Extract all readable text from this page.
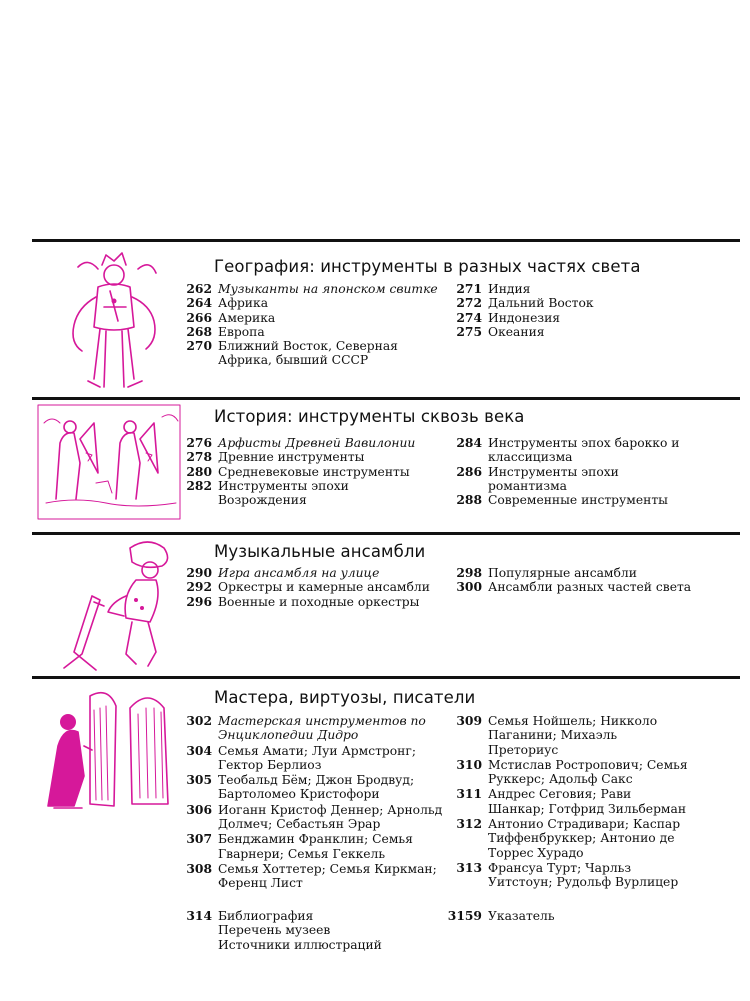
География: инструменты в разных частях света
262 Музыканты на японском свитке
264 Африка
266 Америка
268 Европа
270 Ближний Восток, Северная Африка, бывший СССР
271 Индия
272 Дальний Восток
274 Индонезия
275 Океания
История: инструменты сквозь века
276 Арфисты Древней Вавилонии
278 Древние инструменты
280 Средневековые инструменты
282 Инструменты эпохи Возрождения
284 Инструменты эпох барокко и классицизма
286 Инструменты эпохи романтизма
288 Современные инструменты
Музыкальные ансамбли
290 Игра ансамбля на улице
292 Оркестры и камерные ансамбли
296 Военные и походные оркестры
298 Популярные ансамбли
300 Ансамбли разных частей света
Мастера, виртуозы, писатели
302 Мастерская инструментов по Энциклопедии Дидро
304 Семья Амати; Луи Армстронг; Гектор Берлиоз
305 Теобальд Бём; Джон Бродвуд; Бартоломео Кристофори
306 Иоганн Кристоф Деннер; Арнольд Долмеч; Себастьян Эрар
307 Бенджамин Франклин; Семья Гварнери; Семья Геккель
308 Семья Хоттетер; Семья Киркман; Ференц Лист
309 Семья Нойшель; Никколо Паганини; Михаэль Преториус
310 Мстислав Ростропович; Семья Руккерс; Адольф Сакс
311 Андрес Сеговия; Рави Шанкар; Готфрид Зильберман
312 Антонио Страдивари; Каспар Тиффенбруккер; Антонио де Торрес Хурадо
313 Франсуа Турт; Чарльз Уитстоун; Рудольф Вурлицер
314 Библиография
Перечень музеев
Источники иллюстраций
3159 Указатель
